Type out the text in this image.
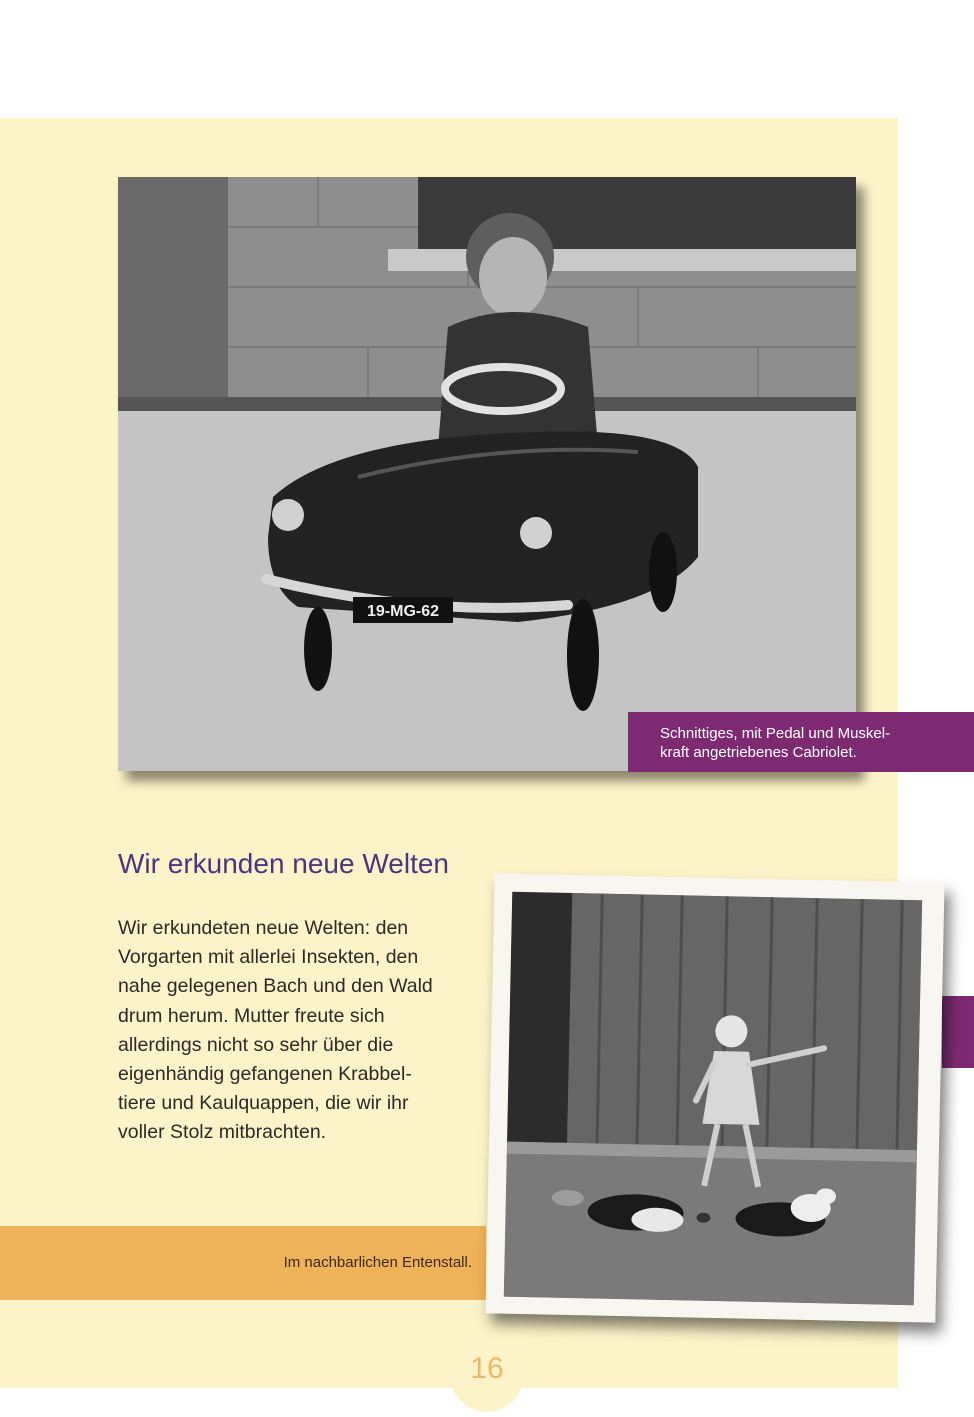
19-MG-62
Schnittiges, mit Pedal und Muskel-
kraft angetriebenes Cabriolet.
Wir erkunden neue Welten
Wir erkundeten neue Welten: den
Vorgarten mit allerlei Insekten, den
nahe gelegenen Bach und den Wald
drum herum. Mutter freute sich
allerdings nicht so sehr über die
eigenhändig gefangenen Krabbel-
tiere und Kaulquappen, die wir ihr
voller Stolz mitbrachten.
Im nachbarlichen Entenstall.
16
